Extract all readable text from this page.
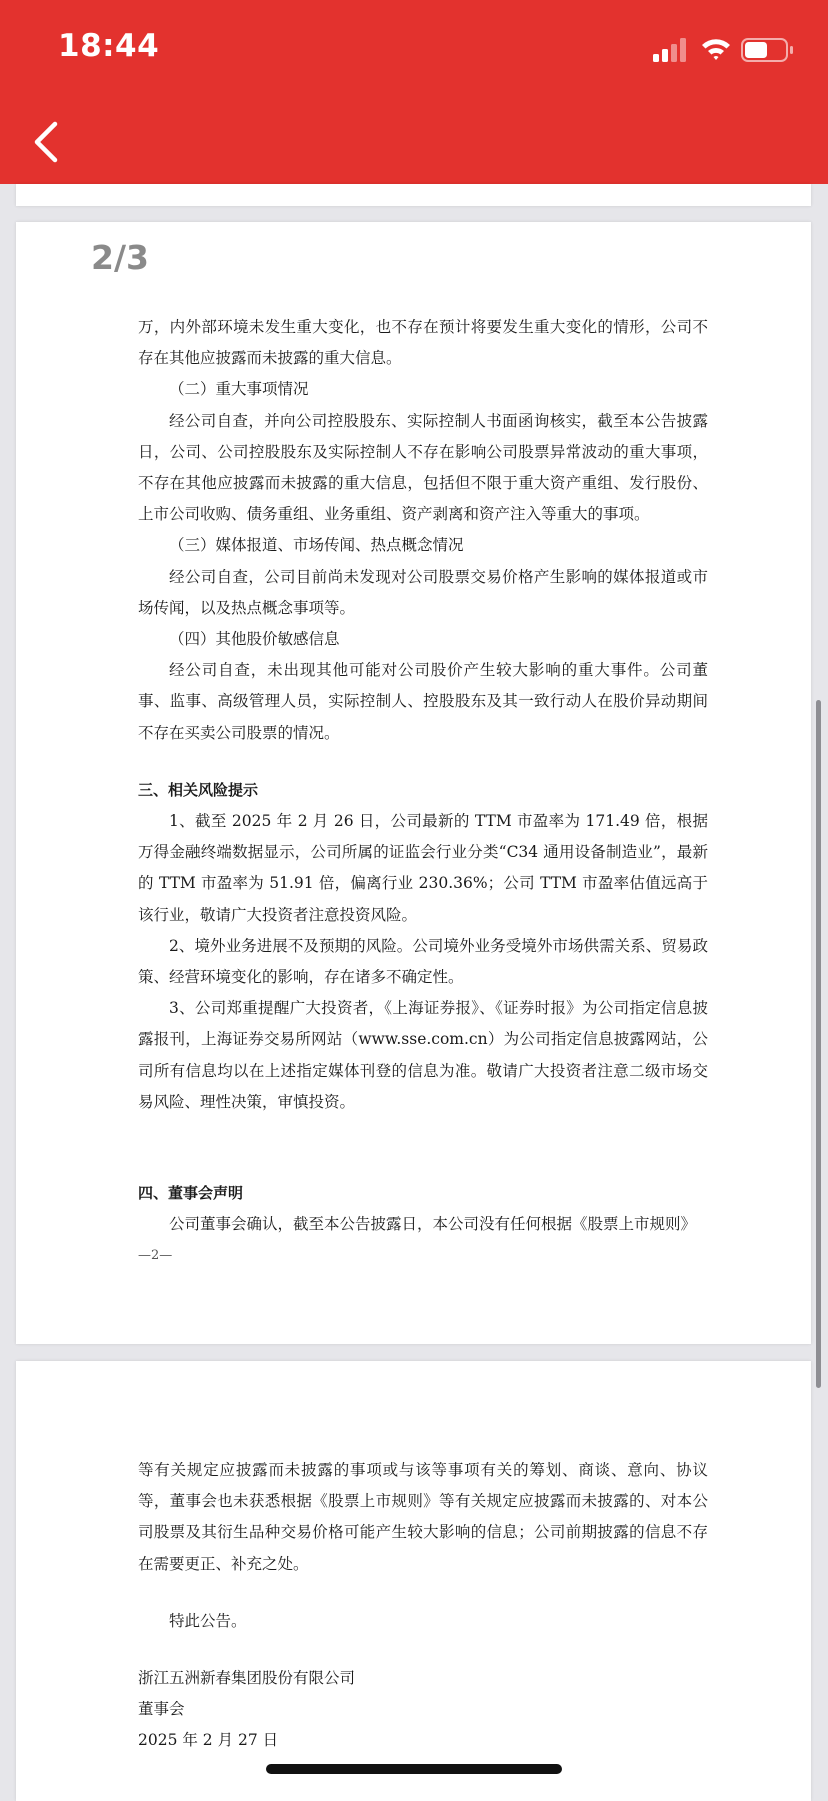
18:44
2/3

万，内外部环境未发生重大变化，也不存在预计将要发生重大变化的情形，公司不存在其他应披露而未披露的重大信息。

（二）重大事项情况

经公司自查，并向公司控股股东、实际控制人书面函询核实，截至本公告披露日，公司、公司控股股东及实际控制人不存在影响公司股票异常波动的重大事项，不存在其他应披露而未披露的重大信息，包括但不限于重大资产重组、发行股份、上市公司收购、债务重组、业务重组、资产剥离和资产注入等重大的事项。

（三）媒体报道、市场传闻、热点概念情况

经公司自查，公司目前尚未发现对公司股票交易价格产生影响的媒体报道或市场传闻，以及热点概念事项等。

（四）其他股价敏感信息

经公司自查，未出现其他可能对公司股价产生较大影响的重大事件。公司董事、监事、高级管理人员，实际控制人、控股股东及其一致行动人在股价异动期间不存在买卖公司股票的情况。

三、相关风险提示

1、截至 2025 年 2 月 26 日，公司最新的 TTM 市盈率为 171.49 倍，根据万得金融终端数据显示，公司所属的证监会行业分类“C34 通用设备制造业”，最新的 TTM 市盈率为 51.91 倍，偏离行业 230.36%；公司 TTM 市盈率估值远高于该行业，敬请广大投资者注意投资风险。

2、境外业务进展不及预期的风险。公司境外业务受境外市场供需关系、贸易政策、经营环境变化的影响，存在诸多不确定性。

3、公司郑重提醒广大投资者，《上海证券报》、《证券时报》为公司指定信息披露报刊，上海证券交易所网站（www.sse.com.cn）为公司指定信息披露网站，公司所有信息均以在上述指定媒体刊登的信息为准。敬请广大投资者注意二级市场交易风险、理性决策，审慎投资。

四、董事会声明

公司董事会确认，截至本公告披露日，本公司没有任何根据《股票上市规则》

—2—

等有关规定应披露而未披露的事项或与该等事项有关的筹划、商谈、意向、协议等，董事会也未获悉根据《股票上市规则》等有关规定应披露而未披露的、对本公司股票及其衍生品种交易价格可能产生较大影响的信息；公司前期披露的信息不存在需要更正、补充之处。

特此公告。

浙江五洲新春集团股份有限公司

董事会

2025 年 2 月 27 日
